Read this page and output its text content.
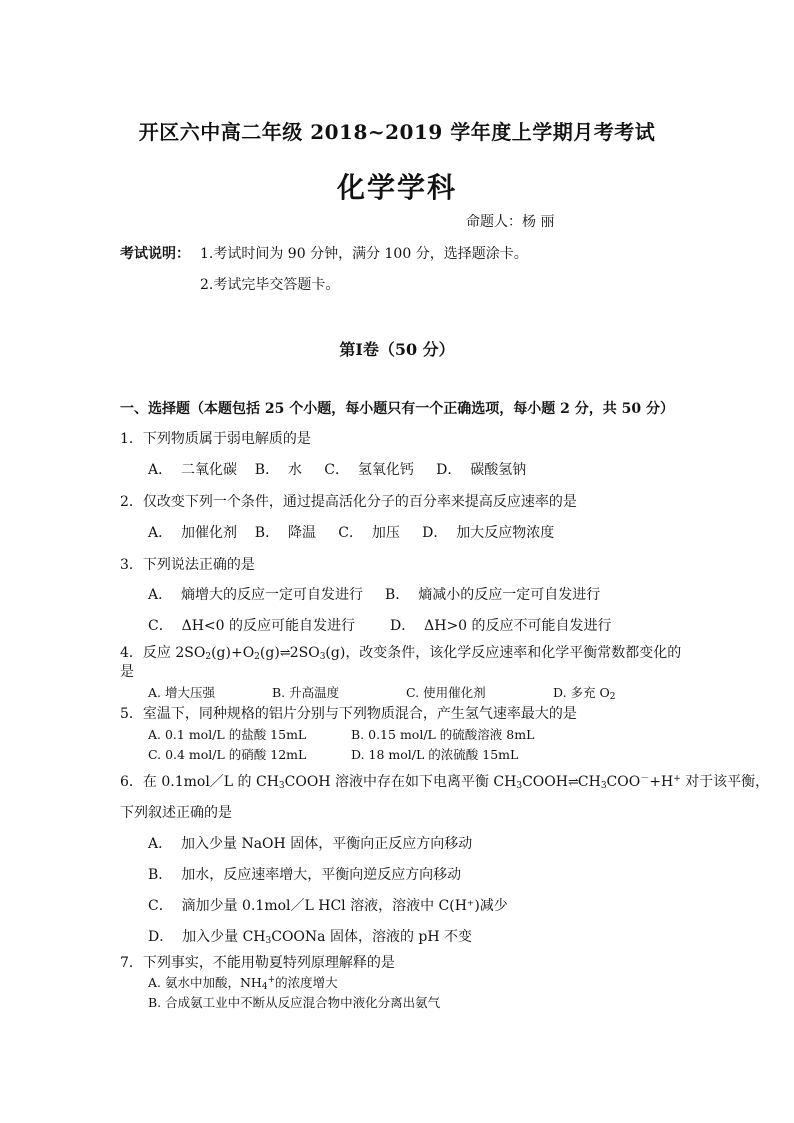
开区六中高二年级 2018~2019 学年度上学期月考考试
化学学科
命题人：杨 丽
考试说明： 1.考试时间为 90 分钟，满分 100 分，选择题涂卡。
2.考试完毕交答题卡。
第Ⅰ卷（50 分）
一、选择题（本题包括 25 个小题，每小题只有一个正确选项，每小题 2 分，共 50 分）
1．下列物质属于弱电解质的是
A．  二氧化碳    B．  水     C．  氢氧化钙     D．  碳酸氢钠
2．仅改变下列一个条件，通过提高活化分子的百分率来提高反应速率的是
A．  加催化剂    B．  降温     C．  加压     D．  加大反应物浓度
3．下列说法正确的是
A．  熵增大的反应一定可自发进行 B．  熵减小的反应一定可自发进行
C．  ΔH<0 的反应可能自发进行 D．  ΔH>0 的反应不可能自发进行
4．反应 $2SO_2(g)+O_2(g)\rightleftharpoons 2SO_3(g)$，改变条件，该化学反应速率和化学平衡常数都变化的
是
A. 增大压强	B. 升高温度	C. 使用催化剂	D. 多充 $O_2$
5．室温下，同种规格的铝片分别与下列物质混合，产生氢气速率最大的是
A. 0.1 mol/L 的盐酸 15mL	B. 0.15 mol/L 的硫酸溶液 8mL
C. 0.4 mol/L 的硝酸 12mL	D. 18 mol/L 的浓硫酸 15mL
6．在 0.1mol／L 的 $CH_3COOH$ 溶液中存在如下电离平衡 $CH_3COOH\rightleftharpoons CH_3COO^-+H^+$ 对于该平衡，
下列叙述正确的是
A．  加入少量 NaOH 固体，平衡向正反应方向移动
B．  加水，反应速率增大，平衡向逆反应方向移动
C．  滴加少量 0.1mol／L HCl 溶液，溶液中 C(H⁺)减少
D．  加入少量 $CH_3COONa$ 固体，溶液的 pH 不变
7．下列事实，不能用勒夏特列原理解释的是
A. 氨水中加酸，$NH_4^+$的浓度增大
B. 合成氨工业中不断从反应混合物中液化分离出氨气
